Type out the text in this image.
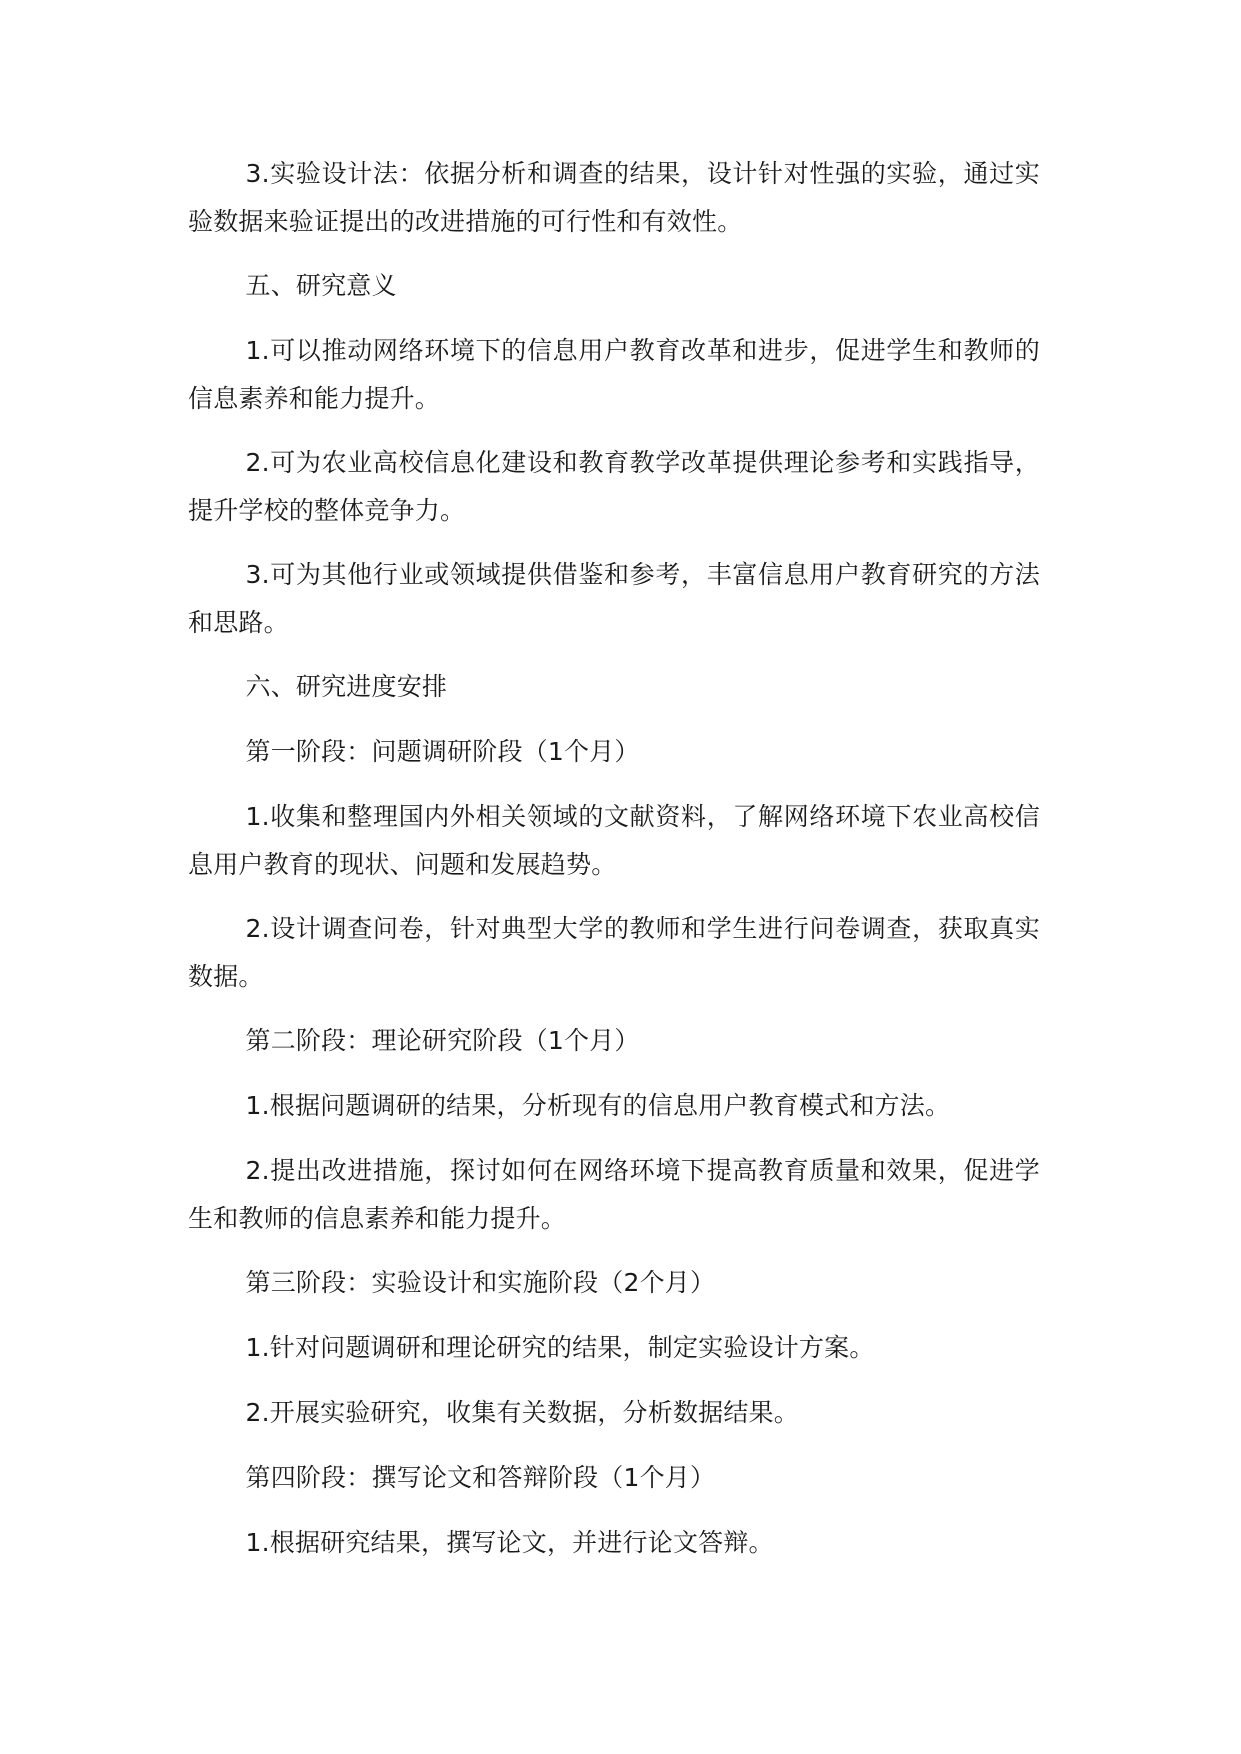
3.实验设计法：依据分析和调查的结果，设计针对性强的实验，通过实验数据来验证提出的改进措施的可行性和有效性。

五、研究意义

1.可以推动网络环境下的信息用户教育改革和进步，促进学生和教师的信息素养和能力提升。

2.可为农业高校信息化建设和教育教学改革提供理论参考和实践指导，提升学校的整体竞争力。

3.可为其他行业或领域提供借鉴和参考，丰富信息用户教育研究的方法和思路。

六、研究进度安排

第一阶段：问题调研阶段（1个月）

1.收集和整理国内外相关领域的文献资料，了解网络环境下农业高校信息用户教育的现状、问题和发展趋势。

2.设计调查问卷，针对典型大学的教师和学生进行问卷调查，获取真实数据。

第二阶段：理论研究阶段（1个月）

1.根据问题调研的结果，分析现有的信息用户教育模式和方法。

2.提出改进措施，探讨如何在网络环境下提高教育质量和效果，促进学生和教师的信息素养和能力提升。

第三阶段：实验设计和实施阶段（2个月）

1.针对问题调研和理论研究的结果，制定实验设计方案。

2.开展实验研究，收集有关数据，分析数据结果。

第四阶段：撰写论文和答辩阶段（1个月）

1.根据研究结果，撰写论文，并进行论文答辩。
